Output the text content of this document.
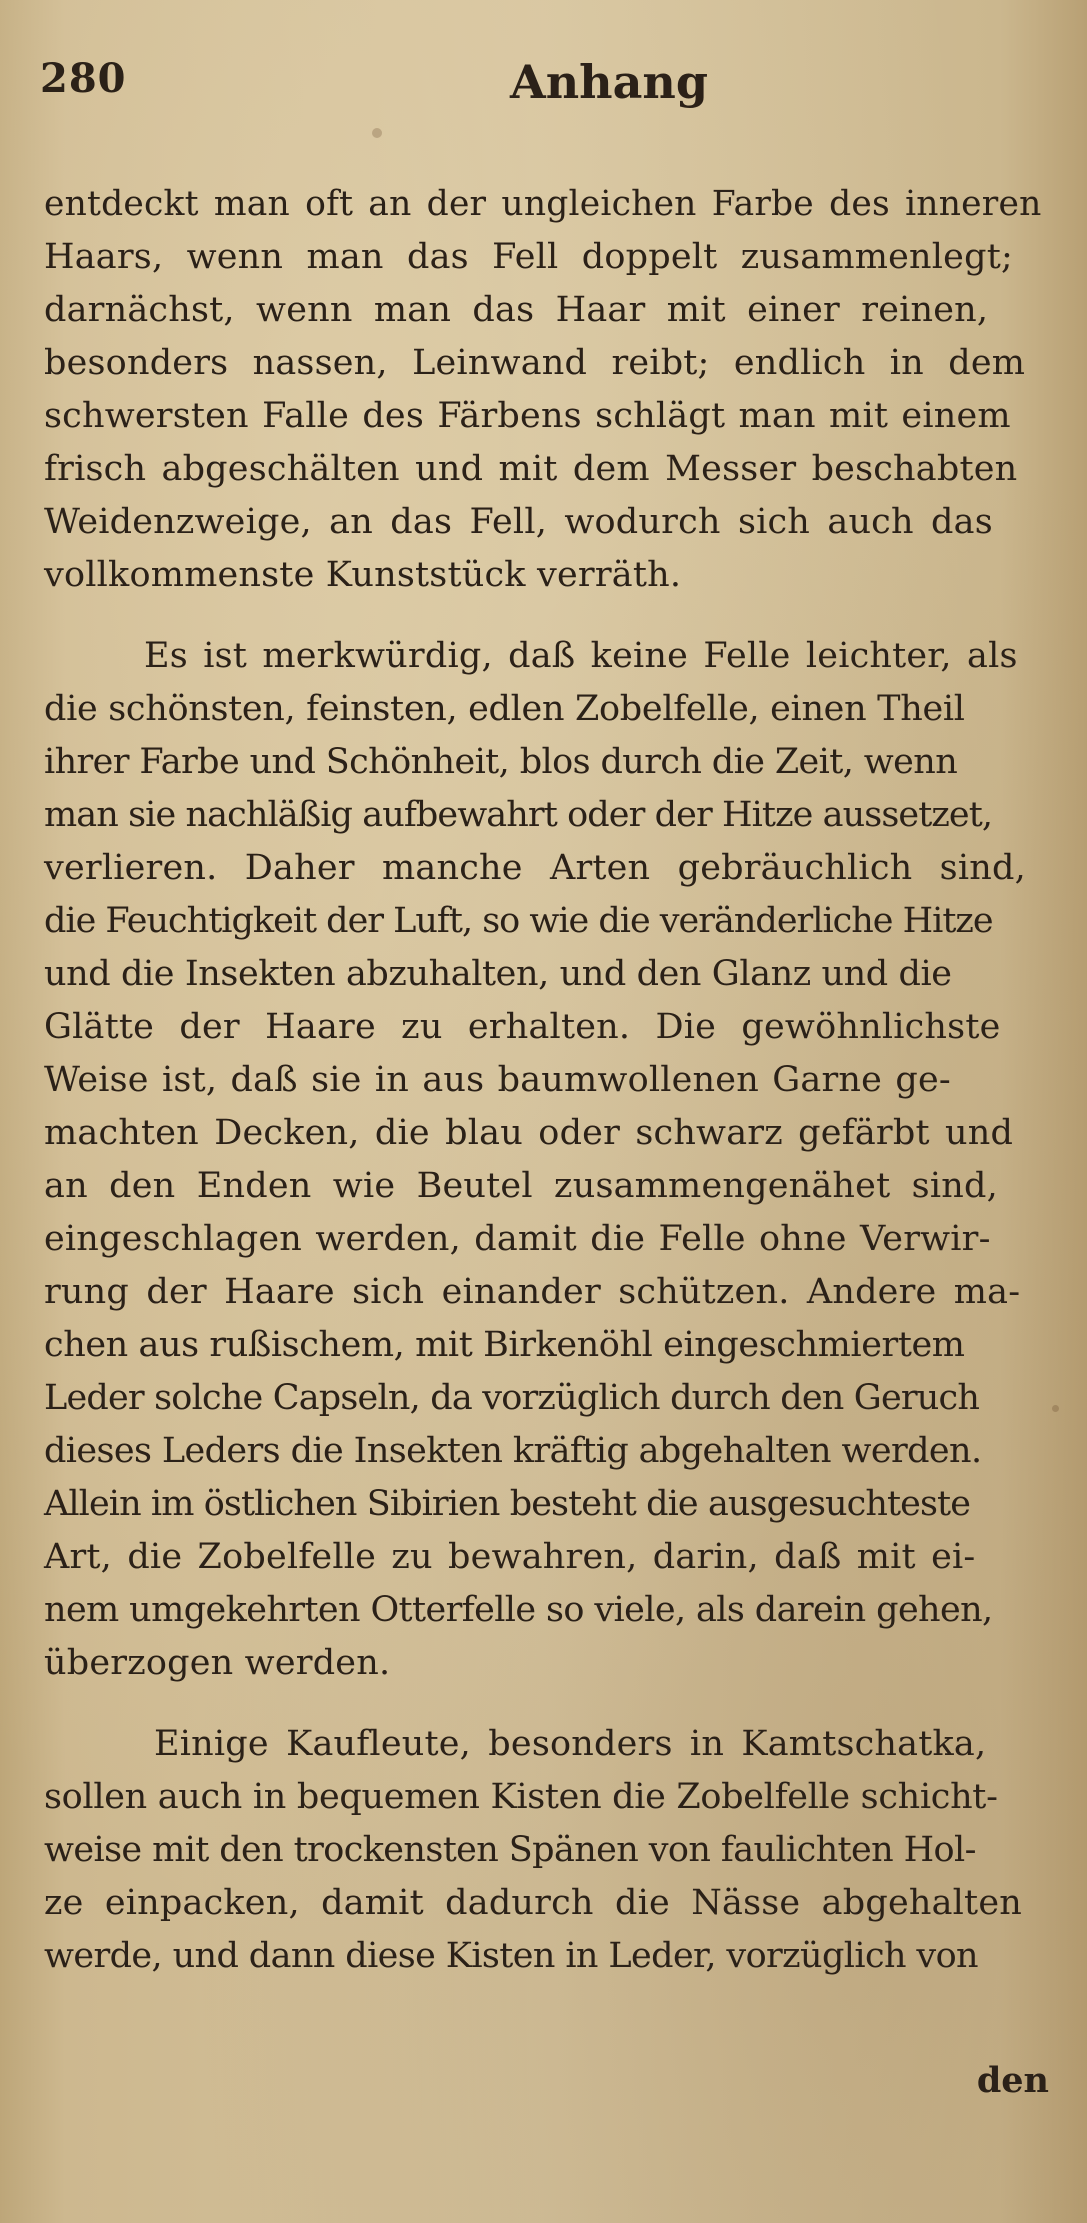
280	Anhang
entdeckt man oft an der ungleichen Farbe des inneren
Haars, wenn man das Fell doppelt zusammenlegt;
darnächst, wenn man das Haar mit einer reinen,
besonders nassen, Leinwand reibt; endlich in dem
schwersten Falle des Färbens schlägt man mit einem
frisch abgeschälten und mit dem Messer beschabten
Weidenzweige, an das Fell, wodurch sich auch das
vollkommenste Kunststück verräth.
Es ist merkwürdig, daß keine Felle leichter, als
die schönsten, feinsten, edlen Zobelfelle, einen Theil
ihrer Farbe und Schönheit, blos durch die Zeit, wenn
man sie nachläßig aufbewahrt oder der Hitze aussetzet,
verlieren. Daher manche Arten gebräuchlich sind,
die Feuchtigkeit der Luft, so wie die veränderliche Hitze
und die Insekten abzuhalten, und den Glanz und die
Glätte der Haare zu erhalten. Die gewöhnlichste
Weise ist, daß sie in aus baumwollenen Garne ge-
machten Decken, die blau oder schwarz gefärbt und
an den Enden wie Beutel zusammengenähet sind,
eingeschlagen werden, damit die Felle ohne Verwir-
rung der Haare sich einander schützen. Andere ma-
chen aus rußischem, mit Birkenöhl eingeschmiertem
Leder solche Capseln, da vorzüglich durch den Geruch
dieses Leders die Insekten kräftig abgehalten werden.
Allein im östlichen Sibirien besteht die ausgesuchteste
Art, die Zobelfelle zu bewahren, darin, daß mit ei-
nem umgekehrten Otterfelle so viele, als darein gehen,
überzogen werden.
Einige Kaufleute, besonders in Kamtschatka,
sollen auch in bequemen Kisten die Zobelfelle schicht-
weise mit den trockensten Spänen von faulichten Hol-
ze einpacken, damit dadurch die Nässe abgehalten
werde, und dann diese Kisten in Leder, vorzüglich von
den
